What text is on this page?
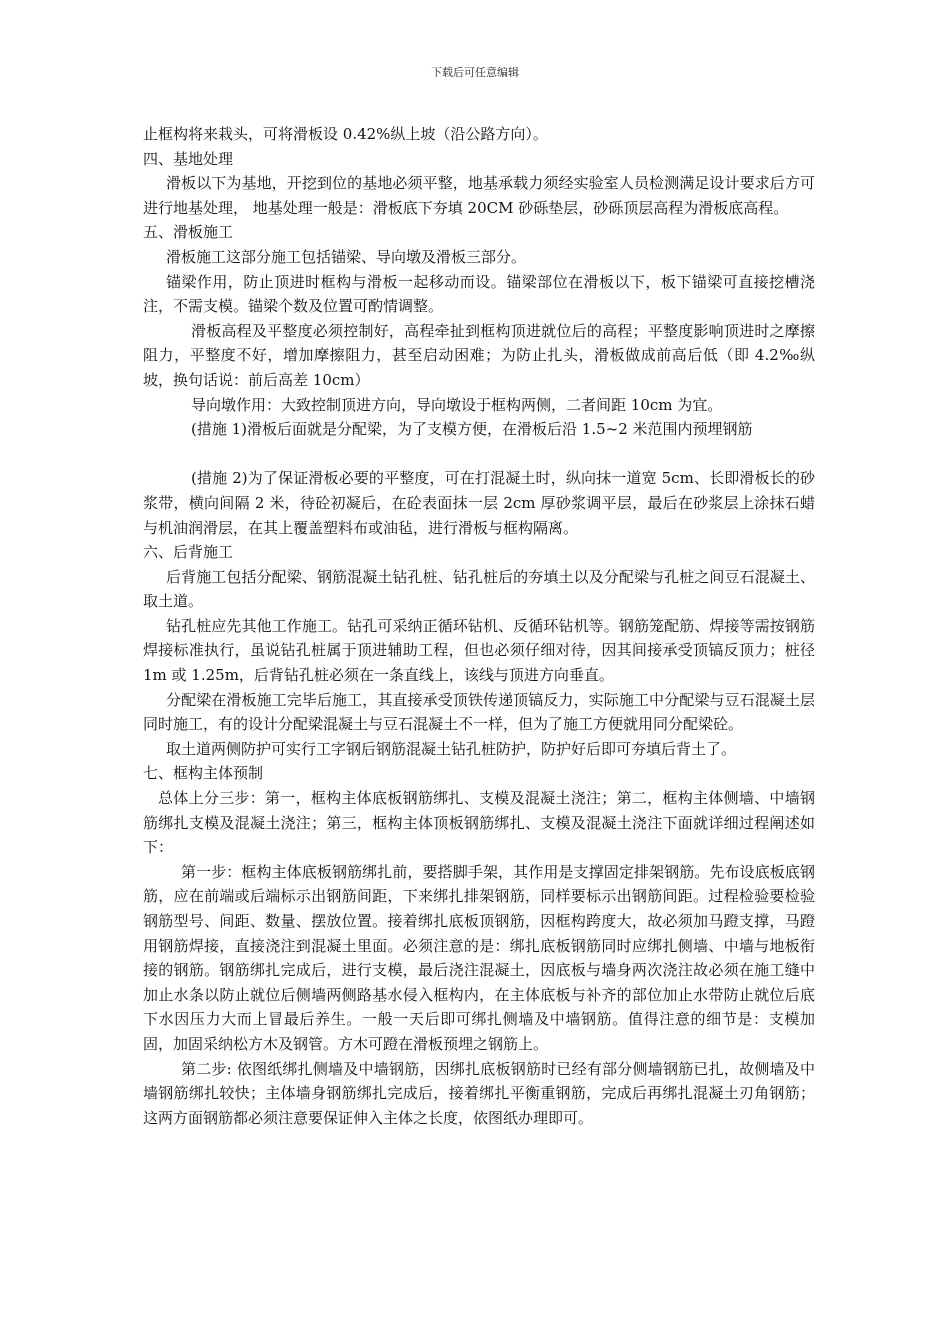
下载后可任意编辑

止框构将来栽头，可将滑板设 0.42%纵上坡（沿公路方向）。

四、基地处理

滑板以下为基地，开挖到位的基地必须平整，地基承载力须经实验室人员检测满足设计要求后方可进行地基处理， 地基处理一般是：滑板底下夯填 20CM 砂砾垫层，砂砾顶层高程为滑板底高程。

五、滑板施工

滑板施工这部分施工包括锚梁、导向墩及滑板三部分。

锚梁作用，防止顶进时框构与滑板一起移动而设。锚梁部位在滑板以下，板下锚梁可直接挖槽浇注，不需支模。锚梁个数及位置可酌情调整。

滑板高程及平整度必须控制好，高程牵扯到框构顶进就位后的高程；平整度影响顶进时之摩擦阻力，平整度不好，增加摩擦阻力，甚至启动困难；为防止扎头，滑板做成前高后低（即 4.2‰纵坡，换句话说：前后高差 10cm）

导向墩作用：大致控制顶进方向，导向墩设于框构两侧，二者间距 10cm 为宜。

(措施 1)滑板后面就是分配梁，为了支模方便，在滑板后沿 1.5~2 米范围内预埋钢筋

(措施 2)为了保证滑板必要的平整度，可在打混凝土时，纵向抹一道宽 5cm、长即滑板长的砂浆带，横向间隔 2 米，待砼初凝后，在砼表面抹一层 2cm 厚砂浆调平层，最后在砂浆层上涂抹石蜡与机油润滑层，在其上覆盖塑料布或油毡，进行滑板与框构隔离。

六、后背施工

后背施工包括分配梁、钢筋混凝土钻孔桩、钻孔桩后的夯填土以及分配梁与孔桩之间豆石混凝土、取土道。

钻孔桩应先其他工作施工。钻孔可采纳正循环钻机、反循环钻机等。钢筋笼配筋、焊接等需按钢筋焊接标准执行，虽说钻孔桩属于顶进辅助工程，但也必须仔细对待，因其间接承受顶镐反顶力；桩径 1m 或 1.25m，后背钻孔桩必须在一条直线上，该线与顶进方向垂直。

分配梁在滑板施工完毕后施工，其直接承受顶铁传递顶镐反力，实际施工中分配梁与豆石混凝土层同时施工，有的设计分配梁混凝土与豆石混凝土不一样，但为了施工方便就用同分配梁砼。

取土道两侧防护可实行工字钢后钢筋混凝土钻孔桩防护，防护好后即可夯填后背土了。

七、框构主体预制

总体上分三步：第一，框构主体底板钢筋绑扎、支模及混凝土浇注；第二，框构主体侧墙、中墙钢筋绑扎支模及混凝土浇注；第三，框构主体顶板钢筋绑扎、支模及混凝土浇注下面就详细过程阐述如下：

第一步：框构主体底板钢筋绑扎前，要搭脚手架，其作用是支撑固定排架钢筋。先布设底板底钢筋，应在前端或后端标示出钢筋间距，下来绑扎排架钢筋，同样要标示出钢筋间距。过程检验要检验钢筋型号、间距、数量、摆放位置。接着绑扎底板顶钢筋，因框构跨度大，故必须加马蹬支撑，马蹬用钢筋焊接，直接浇注到混凝土里面。必须注意的是：绑扎底板钢筋同时应绑扎侧墙、中墙与地板衔接的钢筋。钢筋绑扎完成后，进行支模，最后浇注混凝土，因底板与墙身两次浇注故必须在施工缝中加止水条以防止就位后侧墙两侧路基水侵入框构内，在主体底板与补齐的部位加止水带防止就位后底下水因压力大而上冒最后养生。一般一天后即可绑扎侧墙及中墙钢筋。值得注意的细节是：支模加固，加固采纳松方木及钢管。方木可蹬在滑板预埋之钢筋上。

第二步: 依图纸绑扎侧墙及中墙钢筋，因绑扎底板钢筋时已经有部分侧墙钢筋已扎，故侧墙及中墙钢筋绑扎较快；主体墙身钢筋绑扎完成后，接着绑扎平衡重钢筋，完成后再绑扎混凝土刃角钢筋；这两方面钢筋都必须注意要保证伸入主体之长度，依图纸办理即可。
